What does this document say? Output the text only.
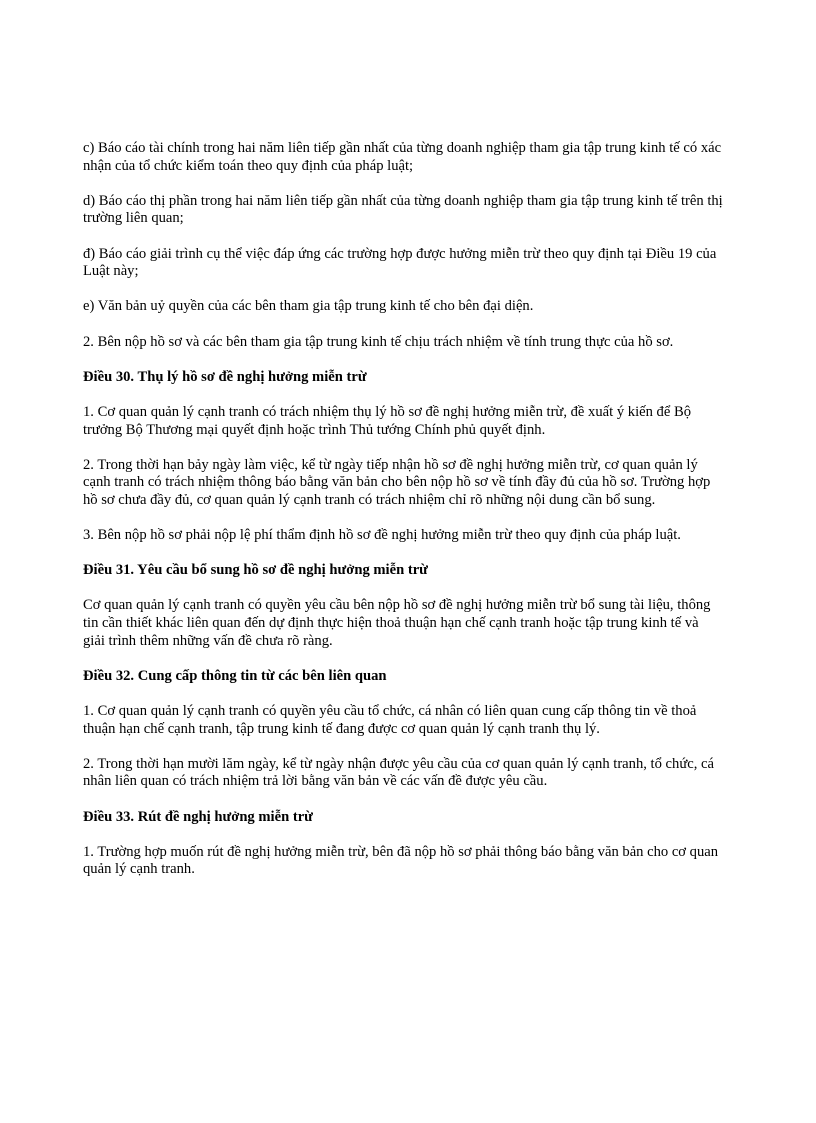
c) Báo cáo tài chính trong hai năm liên tiếp gần nhất của từng doanh nghiệp tham gia tập trung kinh tế có xác nhận của tổ chức kiểm toán theo quy định của pháp luật;

d) Báo cáo thị phần trong hai năm liên tiếp gần nhất của từng doanh nghiệp tham gia tập trung kinh tế trên thị trường liên quan;

đ) Báo cáo giải trình cụ thể việc đáp ứng các trường hợp được hưởng miễn trừ theo quy định tại Điều 19 của Luật này;

e) Văn bản uỷ quyền của các bên tham gia tập trung kinh tế cho bên đại diện.

2. Bên nộp hồ sơ và các bên tham gia tập trung kinh tế chịu trách nhiệm về tính trung thực của hồ sơ.

Điều 30. Thụ lý hồ sơ đề nghị hưởng miễn trừ

1. Cơ quan quản lý cạnh tranh có trách nhiệm thụ lý hồ sơ đề nghị hưởng miễn trừ, đề xuất ý kiến để Bộ trưởng Bộ Thương mại quyết định hoặc trình Thủ tướng Chính phủ quyết định.

2. Trong thời hạn bảy ngày làm việc, kể từ ngày tiếp nhận hồ sơ đề nghị hưởng miễn trừ, cơ quan quản lý cạnh tranh có trách nhiệm thông báo bằng văn bản cho bên nộp hồ sơ về tính đầy đủ của hồ sơ. Trường hợp hồ sơ chưa đầy đủ, cơ quan quản lý cạnh tranh có trách nhiệm chỉ rõ những nội dung cần bổ sung.

3. Bên nộp hồ sơ phải nộp lệ phí thẩm định hồ sơ đề nghị hưởng miễn trừ theo quy định của pháp luật.

Điều 31. Yêu cầu bổ sung hồ sơ đề nghị hưởng miễn trừ

Cơ quan quản lý cạnh tranh có quyền yêu cầu bên nộp hồ sơ đề nghị hưởng miễn trừ bổ sung tài liệu, thông tin cần thiết khác liên quan đến dự định thực hiện thoả thuận hạn chế cạnh tranh hoặc tập trung kinh tế và giải trình thêm những vấn đề chưa rõ ràng.

Điều 32. Cung cấp thông tin từ các bên liên quan

1. Cơ quan quản lý cạnh tranh có quyền yêu cầu tổ chức, cá nhân có liên quan cung cấp thông tin về thoả thuận hạn chế cạnh tranh, tập trung kinh tế đang được cơ quan quản lý cạnh tranh thụ lý.

2. Trong thời hạn mười lăm ngày, kể từ ngày nhận được yêu cầu của cơ quan quản lý cạnh tranh, tổ chức, cá nhân liên quan có trách nhiệm trả lời bằng văn bản về các vấn đề được yêu cầu.

Điều 33. Rút đề nghị hưởng miễn trừ

1. Trường hợp muốn rút đề nghị hưởng miễn trừ, bên đã nộp hồ sơ phải thông báo bằng văn bản cho cơ quan quản lý cạnh tranh.
